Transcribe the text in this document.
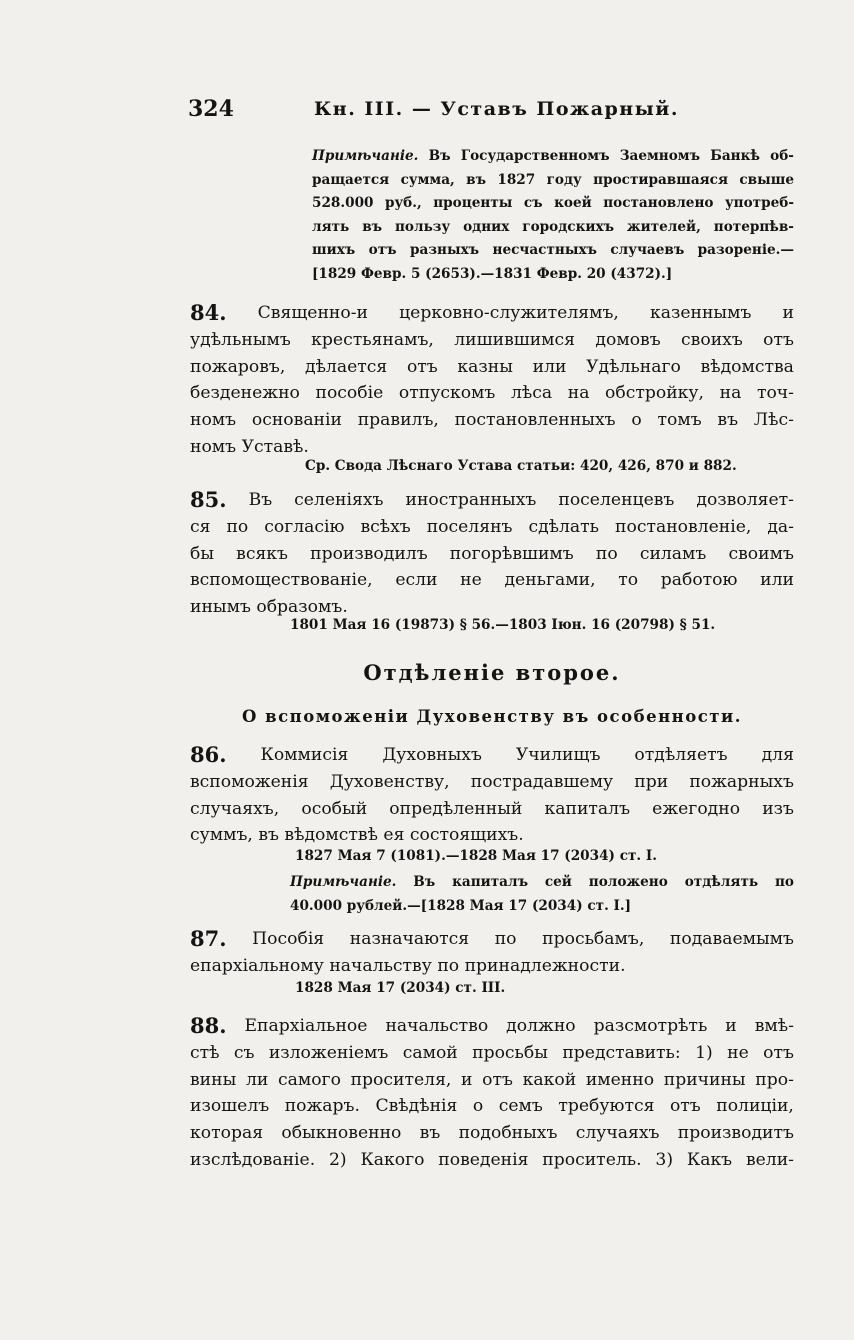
324	Кн. III. — Уставъ Пожарный.
Примѣчаніе. Въ Государственномъ Заемномъ Банкѣ об-
ращается сумма, въ 1827 году простиравшаяся свыше
528.000 руб., проценты съ коей постановлено употреб-
лять въ пользу одних городскихъ жителей, потерпѣв-
шихъ отъ разныхъ несчастныхъ случаевъ разоренiе.—
[1829 Февр. 5 (2653).—1831 Февр. 20 (4372).]
84. Священно-и церковно-служителямъ, казеннымъ и
удѣльнымъ крестьянамъ, лишившимся домовъ своихъ отъ
пожаровъ, дѣлается отъ казны или Удѣльнаго вѣдомства
безденежно пособіе отпускомъ лѣса на обстройку, на точ-
номъ основаніи правилъ, постановленныхъ о томъ въ Лѣс-
номъ Уставѣ.
Ср. Свода Лѣснаго Устава статьи: 420, 426, 870 и 882.
85. Въ селеніяхъ иностранныхъ поселенцевъ дозволяет-
ся по согласію всѣхъ поселянъ сдѣлать постановленіе, да-
бы всякъ производилъ погорѣвшимъ по силамъ своимъ
вспомоществованіе, если не деньгами, то работою или
инымъ образомъ.
1801 Мая 16 (19873) § 56.—1803 Іюн. 16 (20798) § 51.
Отдѣленіе второе.
О вспоможеніи Духовенству въ особенности.
86. Коммисія Духовныхъ Училищъ отдѣляетъ для
вспоможенія Духовенству, пострадавшему при пожарныхъ
случаяхъ, особый опредѣленный капиталъ ежегодно изъ
суммъ, въ вѣдомствѣ ея состоящихъ.
1827 Мая 7 (1081).—1828 Мая 17 (2034) ст. I.
Примѣчаніе. Въ капиталъ сей положено отдѣлять по
40.000 рублей.—[1828 Мая 17 (2034) ст. I.]
87. Пособія назначаются по просьбамъ, подаваемымъ
епархіальному начальству по принадлежности.
1828 Мая 17 (2034) ст. III.
88. Епархіальное начальство должно разсмотрѣть и вмѣ-
стѣ съ изложеніемъ самой просьбы представить: 1) не отъ
вины ли самого просителя, и отъ какой именно причины про-
изошелъ пожаръ. Свѣдѣнія о семъ требуются отъ полиціи,
которая обыкновенно въ подобныхъ случаяхъ производитъ
изслѣдованіе. 2) Какого поведенія проситель. 3) Какъ вели-
